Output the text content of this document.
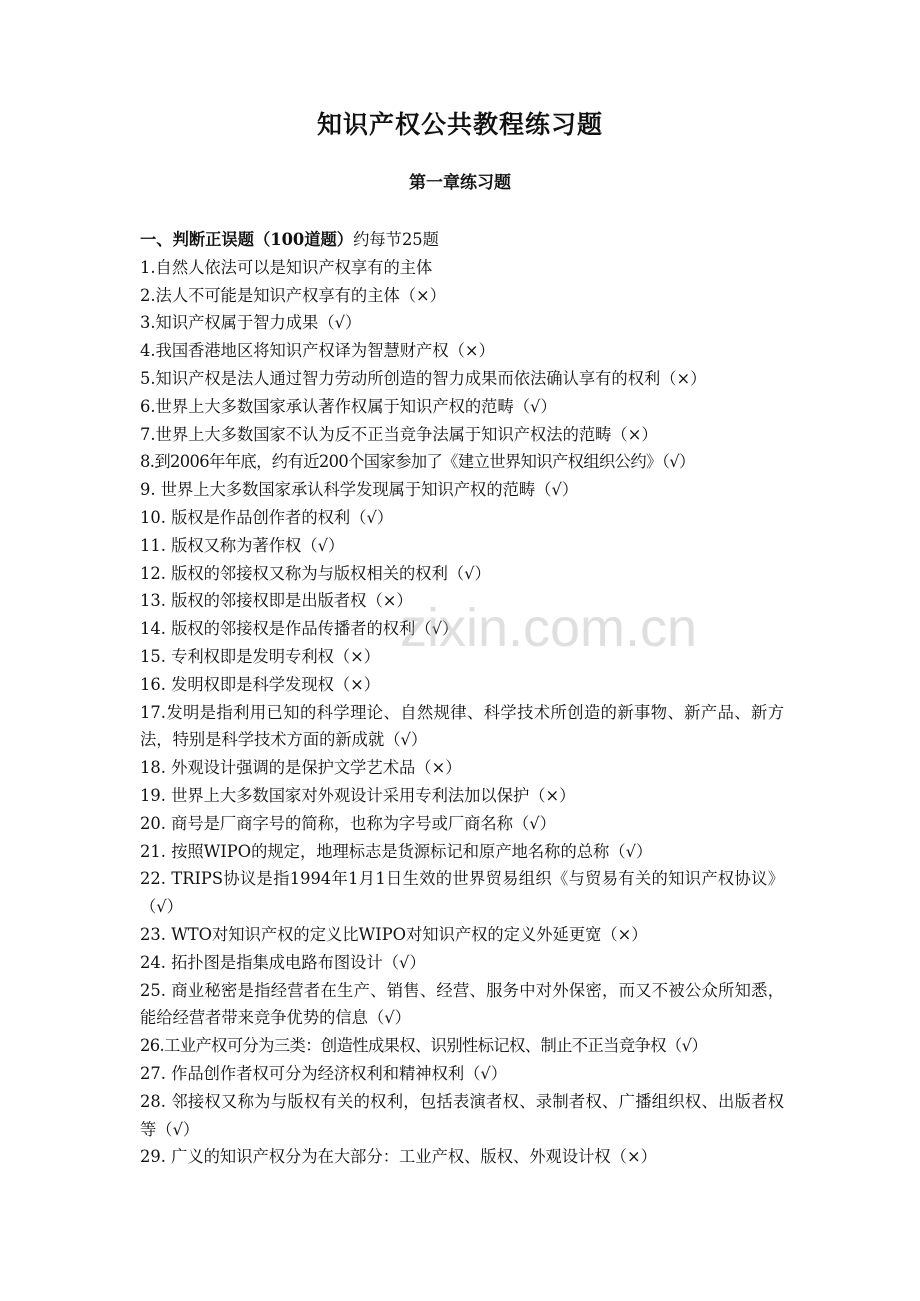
知识产权公共教程练习题
第一章练习题
一、判断正误题（100道题）约每节25题
1.自然人依法可以是知识产权享有的主体
2.法人不可能是知识产权享有的主体（×）
3.知识产权属于智力成果（√）
4.我国香港地区将知识产权译为智慧财产权（×）
5.知识产权是法人通过智力劳动所创造的智力成果而依法确认享有的权利（×）
6.世界上大多数国家承认著作权属于知识产权的范畴（√）
7.世界上大多数国家不认为反不正当竞争法属于知识产权法的范畴（×）
8.到2006年年底，约有近200个国家参加了《建立世界知识产权组织公约》（√）
9. 世界上大多数国家承认科学发现属于知识产权的范畴（√）
10. 版权是作品创作者的权利（√）
11. 版权又称为著作权（√）
12. 版权的邻接权又称为与版权相关的权利（√）
13. 版权的邻接权即是出版者权（×）
14. 版权的邻接权是作品传播者的权利（√）
15. 专利权即是发明专利权（×）
16. 发明权即是科学发现权（×）
17.发明是指利用已知的科学理论、自然规律、科学技术所创造的新事物、新产品、新方法，特别是科学技术方面的新成就（√）
18. 外观设计强调的是保护文学艺术品（×）
19. 世界上大多数国家对外观设计采用专利法加以保护（×）
20. 商号是厂商字号的简称，也称为字号或厂商名称（√）
21. 按照WIPO的规定，地理标志是货源标记和原产地名称的总称（√）
22. TRIPS协议是指1994年1月1日生效的世界贸易组织《与贸易有关的知识产权协议》（√）
23. WTO对知识产权的定义比WIPO对知识产权的定义外延更宽（×）
24. 拓扑图是指集成电路布图设计（√）
25. 商业秘密是指经营者在生产、销售、经营、服务中对外保密，而又不被公众所知悉，能给经营者带来竞争优势的信息（√）
26.工业产权可分为三类：创造性成果权、识别性标记权、制止不正当竞争权（√）
27. 作品创作者权可分为经济权利和精神权利（√）
28. 邻接权又称为与版权有关的权利，包括表演者权、录制者权、广播组织权、出版者权等（√）
29. 广义的知识产权分为在大部分：工业产权、版权、外观设计权（×）
zixin.com.cn
